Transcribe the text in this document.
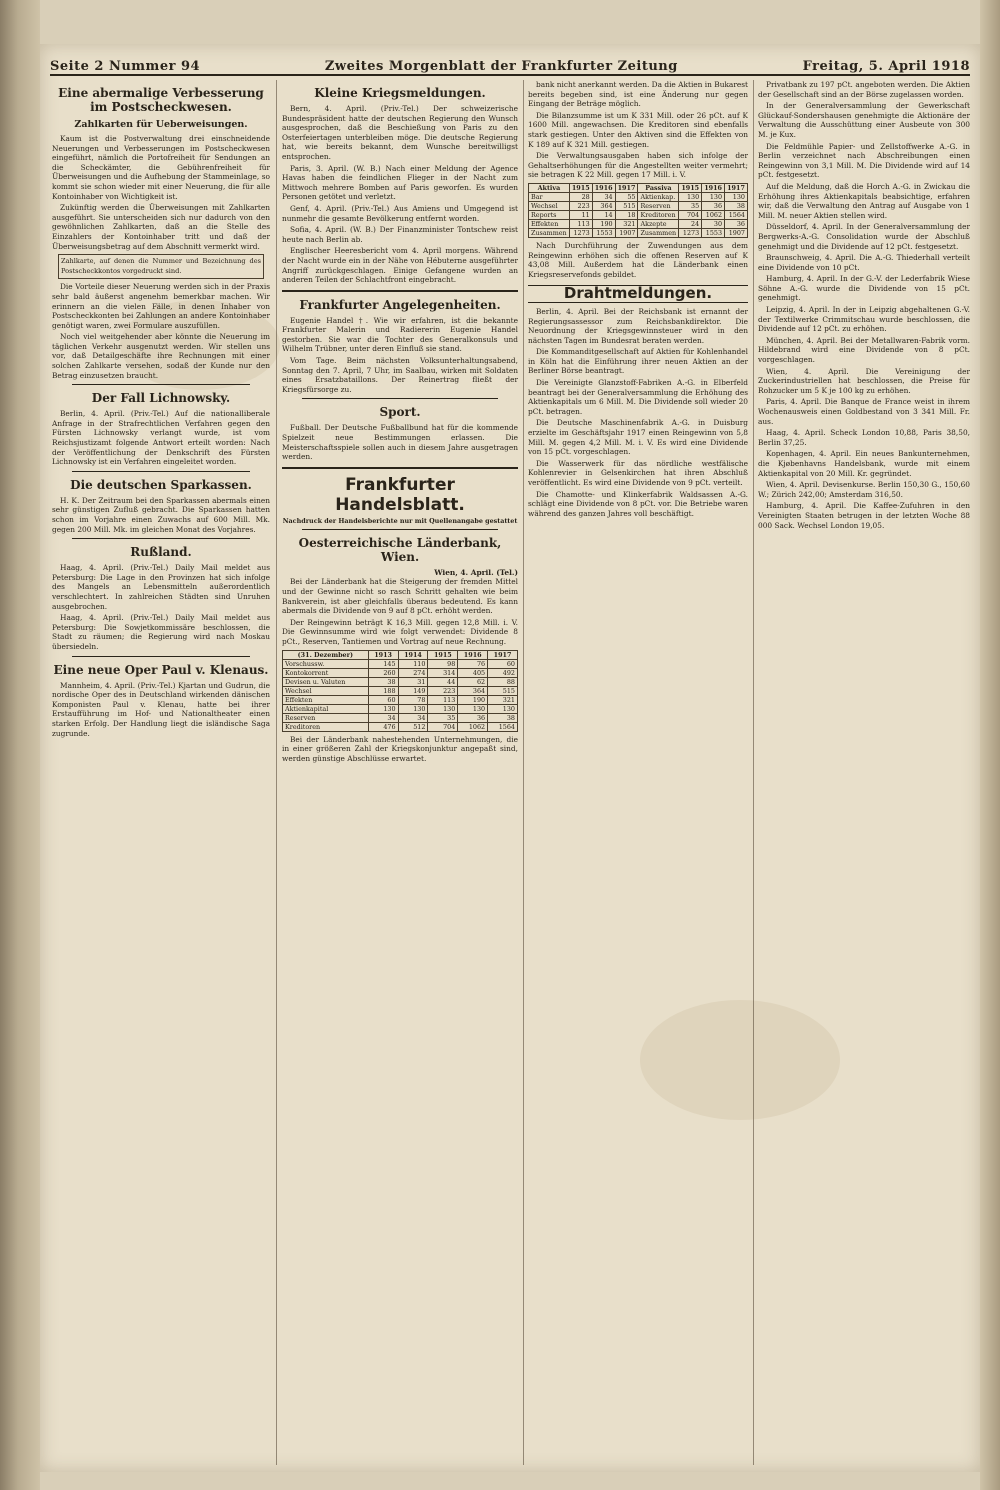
Seite 2 Nummer 94	Zweites Morgenblatt der Frankfurter Zeitung	Freitag, 5. April 1918
Eine abermalige Verbesserung im Postscheckwesen.
Zahlkarten für Ueberweisungen.

Kaum ist die Postverwaltung drei einschneidende Neuerungen und Verbesserungen im Postscheckwesen eingeführt, nämlich die Portofreiheit für Sendungen an die Scheckämter, die Gebührenfreiheit für Überweisungen und die Aufhebung der Stammeinlage, so kommt sie schon wieder mit einer Neuerung, die für alle Kontoinhaber von Wichtigkeit ist.

Zukünftig werden die Überweisungen mit Zahlkarten ausgeführt. Sie unterscheiden sich nur dadurch von den gewöhnlichen Zahlkarten, daß an die Stelle des Einzahlers der Kontoinhaber tritt und daß der Überweisungsbetrag auf dem Abschnitt vermerkt wird.

Zahlkarte, auf denen die Nummer und Bezeichnung des Postscheckkontos vorgedruckt sind.

Die Vorteile dieser Neuerung werden sich in der Praxis sehr bald äußerst angenehm bemerkbar machen. Wir erinnern an die vielen Fälle, in denen Inhaber von Postscheckkonten bei Zahlungen an andere Kontoinhaber genötigt waren, zwei Formulare auszufüllen.

Noch viel weitgehender aber könnte die Neuerung im täglichen Verkehr ausgenutzt werden. Wir stellen uns vor, daß Detailgeschäfte ihre Rechnungen mit einer solchen Zahlkarte versehen, sodaß der Kunde nur den Betrag einzusetzen braucht.

Der Fall Lichnowsky.

Berlin, 4. April. (Priv.-Tel.) Auf die nationalliberale Anfrage in der Strafrechtlichen Verfahren gegen den Fürsten Lichnowsky verlangt wurde, ist vom Reichsjustizamt folgende Antwort erteilt worden: Nach der Veröffentlichung der Denkschrift des Fürsten Lichnowsky ist ein Verfahren eingeleitet worden.

Die deutschen Sparkassen.

H. K. Der Zeitraum bei den Sparkassen abermals einen sehr günstigen Zufluß gebracht. Die Sparkassen hatten schon im Vorjahre einen Zuwachs auf 600 Mill. Mk. gegen 200 Mill. Mk. im gleichen Monat des Vorjahres.

Rußland.

Haag, 4. April. (Priv.-Tel.) Daily Mail meldet aus Petersburg: Die Lage in den Provinzen hat sich infolge des Mangels an Lebensmitteln außerordentlich verschlechtert. In zahlreichen Städten sind Unruhen ausgebrochen.

Haag, 4. April. (Priv.-Tel.) Daily Mail meldet aus Petersburg: Die Sowjetkommissäre beschlossen, die Stadt zu räumen; die Regierung wird nach Moskau übersiedeln.

Eine neue Oper Paul v. Klenaus.

Mannheim, 4. April. (Priv.-Tel.) Kjartan und Gudrun, die nordische Oper des in Deutschland wirkenden dänischen Komponisten Paul v. Klenau, hatte bei ihrer Erstaufführung im Hof- und Nationaltheater einen starken Erfolg. Der Handlung liegt die isländische Saga zugrunde.

Kleine Kriegsmeldungen.

Bern, 4. April. (Priv.-Tel.) Der schweizerische Bundespräsident hatte der deutschen Regierung den Wunsch ausgesprochen, daß die Beschießung von Paris zu den Osterfeiertagen unterbleiben möge. Die deutsche Regierung hat, wie bereits bekannt, dem Wunsche bereitwilligst entsprochen.

Paris, 3. April. (W. B.) Nach einer Meldung der Agence Havas haben die feindlichen Flieger in der Nacht zum Mittwoch mehrere Bomben auf Paris geworfen. Es wurden Personen getötet und verletzt.

Genf, 4. April. (Priv.-Tel.) Aus Amiens und Umgegend ist nunmehr die gesamte Bevölkerung entfernt worden.

Sofia, 4. April. (W. B.) Der Finanzminister Tontschew reist heute nach Berlin ab.

Englischer Heeresbericht vom 4. April morgens. Während der Nacht wurde ein in der Nähe von Hébuterne ausgeführter Angriff zurückgeschlagen. Einige Gefangene wurden an anderen Teilen der Schlachtfront eingebracht.

Frankfurter Angelegenheiten.

Eugenie Handel †. Wie wir erfahren, ist die bekannte Frankfurter Malerin und Radiererin Eugenie Handel gestorben. Sie war die Tochter des Generalkonsuls und Wilhelm Trübner, unter deren Einfluß sie stand.

Vom Tage. Beim nächsten Volksunterhaltungsabend, Sonntag den 7. April, 7 Uhr, im Saalbau, wirken mit Soldaten eines Ersatzbataillons. Der Reinertrag fließt der Kriegsfürsorge zu.

Sport.

Fußball. Der Deutsche Fußballbund hat für die kommende Spielzeit neue Bestimmungen erlassen. Die Meisterschaftsspiele sollen auch in diesem Jahre ausgetragen werden.

Frankfurter Handelsblatt.
Nachdruck der Handelsberichte nur mit Quellenangabe gestattet
Oesterreichische Länderbank, Wien.
Wien, 4. April. (Tel.)

Bei der Länderbank hat die Steigerung der fremden Mittel und der Gewinne nicht so rasch Schritt gehalten wie beim Bankverein, ist aber gleichfalls überaus bedeutend. Es kann abermals die Dividende von 9 auf 8 pCt. erhöht werden.

Der Reingewinn beträgt K 16,3 Mill. gegen 12,8 Mill. i. V. Die Gewinnsumme wird wie folgt verwendet: Dividende 8 pCt., Reserven, Tantiemen und Vortrag auf neue Rechnung.

(31. Dezember)	1913	1914	1915	1916	1917
Vorschussw.	145	110	98	76	60
Kontokorrent	260	274	314	405	492
Devisen u. Valuten	38	31	44	62	88
Wechsel	188	149	223	364	515
Effekten	60	78	113	190	321
Aktienkapital	130	130	130	130	130
Reserven	34	34	35	36	38
Kreditoren	476	512	704	1062	1564

Bei der Länderbank nahestehenden Unternehmungen, die in einer größeren Zahl der Kriegskonjunktur angepaßt sind, werden günstige Abschlüsse erwartet.

bank nicht anerkannt werden. Da die Aktien in Bukarest bereits begeben sind, ist eine Änderung nur gegen Eingang der Beträge möglich.

Die Bilanzsumme ist um K 331 Mill. oder 26 pCt. auf K 1600 Mill. angewachsen. Die Kreditoren sind ebenfalls stark gestiegen. Unter den Aktiven sind die Effekten von K 189 auf K 321 Mill. gestiegen.

Die Verwaltungsausgaben haben sich infolge der Gehaltserhöhungen für die Angestellten weiter vermehrt; sie betragen K 22 Mill. gegen 17 Mill. i. V.

Aktiva	1915	1916	1917	Passiva	1915	1916	1917
Bar	28	34	55	Aktienkap.	130	130	130
Wechsel	223	364	515	Reserven	35	36	38
Reports	11	14	18	Kreditoren	704	1062	1564
Effekten	113	190	321	Akzepte	24	30	36
Zusammen	1273	1553	1907	Zusammen	1273	1553	1907

Nach Durchführung der Zuwendungen aus dem Reingewinn erhöhen sich die offenen Reserven auf K 43,08 Mill. Außerdem hat die Länderbank einen Kriegsreservefonds gebildet.

Drahtmeldungen.

Berlin, 4. April. Bei der Reichsbank ist ernannt der Regierungsassessor zum Reichsbankdirektor. Die Neuordnung der Kriegsgewinnsteuer wird in den nächsten Tagen im Bundesrat beraten werden.

Die Kommanditgesellschaft auf Aktien für Kohlenhandel in Köln hat die Einführung ihrer neuen Aktien an der Berliner Börse beantragt.

Die Vereinigte Glanzstoff-Fabriken A.-G. in Elberfeld beantragt bei der Generalversammlung die Erhöhung des Aktienkapitals um 6 Mill. M. Die Dividende soll wieder 20 pCt. betragen.

Die Deutsche Maschinenfabrik A.-G. in Duisburg erzielte im Geschäftsjahr 1917 einen Reingewinn von 5,8 Mill. M. gegen 4,2 Mill. M. i. V. Es wird eine Dividende von 15 pCt. vorgeschlagen.

Die Wasserwerk für das nördliche westfälische Kohlenrevier in Gelsenkirchen hat ihren Abschluß veröffentlicht. Es wird eine Dividende von 9 pCt. verteilt.

Die Chamotte- und Klinkerfabrik Waldsassen A.-G. schlägt eine Dividende von 8 pCt. vor. Die Betriebe waren während des ganzen Jahres voll beschäftigt.

Privatbank zu 197 pCt. angeboten werden. Die Aktien der Gesellschaft sind an der Börse zugelassen worden.

In der Generalversammlung der Gewerkschaft Glückauf-Sondershausen genehmigte die Aktionäre der Verwaltung die Ausschüttung einer Ausbeute von 300 M. je Kux.

Die Feldmühle Papier- und Zellstoffwerke A.-G. in Berlin verzeichnet nach Abschreibungen einen Reingewinn von 3,1 Mill. M. Die Dividende wird auf 14 pCt. festgesetzt.

Auf die Meldung, daß die Horch A.-G. in Zwickau die Erhöhung ihres Aktienkapitals beabsichtige, erfahren wir, daß die Verwaltung den Antrag auf Ausgabe von 1 Mill. M. neuer Aktien stellen wird.

Düsseldorf, 4. April. In der Generalversammlung der Bergwerks-A.-G. Consolidation wurde der Abschluß genehmigt und die Dividende auf 12 pCt. festgesetzt.

Braunschweig, 4. April. Die A.-G. Thiederhall verteilt eine Dividende von 10 pCt.

Hamburg, 4. April. In der G.-V. der Lederfabrik Wiese Söhne A.-G. wurde die Dividende von 15 pCt. genehmigt.

Leipzig, 4. April. In der in Leipzig abgehaltenen G.-V. der Textilwerke Crimmitschau wurde beschlossen, die Dividende auf 12 pCt. zu erhöhen.

München, 4. April. Bei der Metallwaren-Fabrik vorm. Hildebrand wird eine Dividende von 8 pCt. vorgeschlagen.

Wien, 4. April. Die Vereinigung der Zuckerindustriellen hat beschlossen, die Preise für Rohzucker um 5 K je 100 kg zu erhöhen.

Paris, 4. April. Die Banque de France weist in ihrem Wochenausweis einen Goldbestand von 3 341 Mill. Fr. aus.

Haag, 4. April. Scheck London 10,88, Paris 38,50, Berlin 37,25.

Kopenhagen, 4. April. Ein neues Bankunternehmen, die Kjøbenhavns Handelsbank, wurde mit einem Aktienkapital von 20 Mill. Kr. gegründet.

Wien, 4. April. Devisenkurse. Berlin 150,30 G., 150,60 W.; Zürich 242,00; Amsterdam 316,50.

Hamburg, 4. April. Die Kaffee-Zufuhren in den Vereinigten Staaten betrugen in der letzten Woche 88 000 Sack. Wechsel London 19,05.
